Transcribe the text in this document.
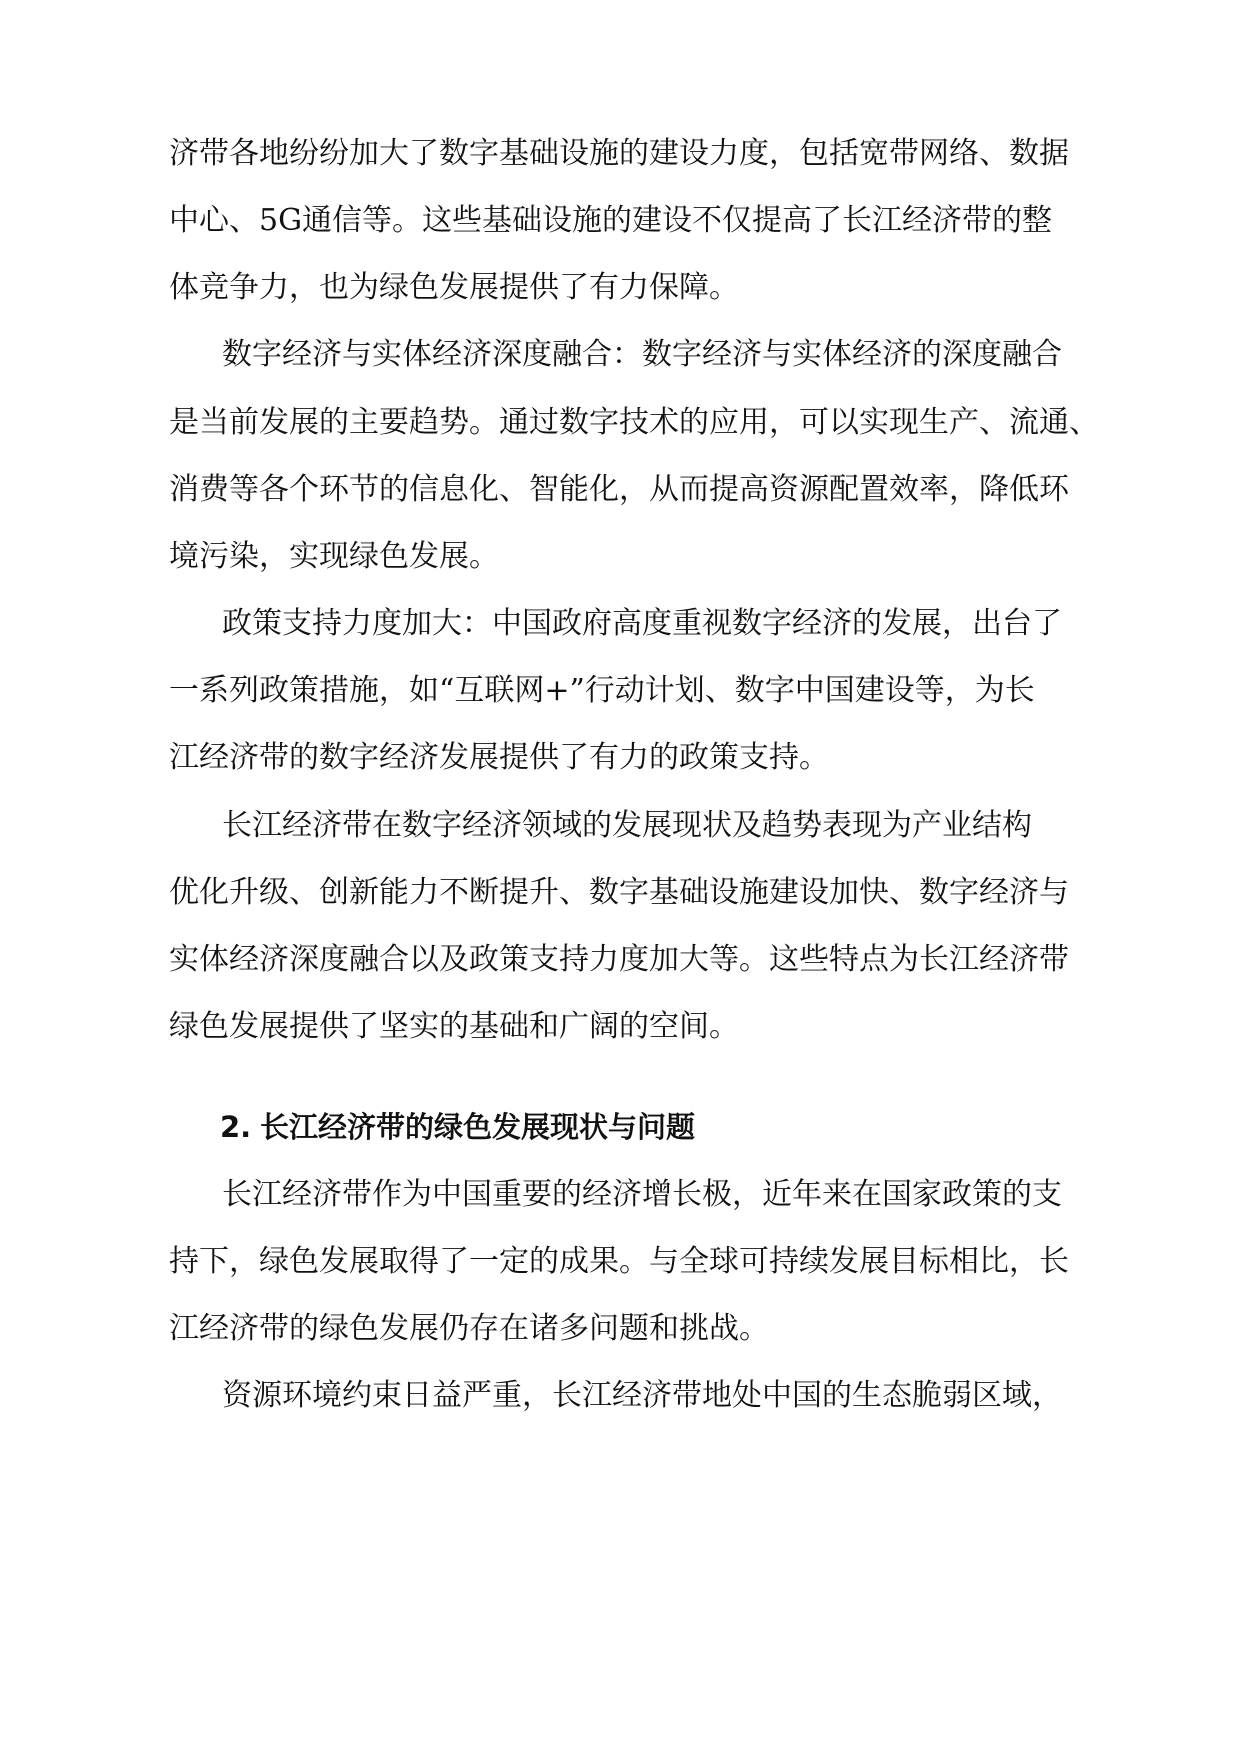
济带各地纷纷加大了数字基础设施的建设力度，包括宽带网络、数据

中心、5G通信等。这些基础设施的建设不仅提高了长江经济带的整

体竞争力，也为绿色发展提供了有力保障。

数字经济与实体经济深度融合：数字经济与实体经济的深度融合

是当前发展的主要趋势。通过数字技术的应用，可以实现生产、流通、

消费等各个环节的信息化、智能化，从而提高资源配置效率，降低环

境污染，实现绿色发展。

政策支持力度加大：中国政府高度重视数字经济的发展，出台了

一系列政策措施，如“互联网+”行动计划、数字中国建设等，为长

江经济带的数字经济发展提供了有力的政策支持。

长江经济带在数字经济领域的发展现状及趋势表现为产业结构

优化升级、创新能力不断提升、数字基础设施建设加快、数字经济与

实体经济深度融合以及政策支持力度加大等。这些特点为长江经济带

绿色发展提供了坚实的基础和广阔的空间。

2.

长江经济带的绿色发展现状与问题

长江经济带作为中国重要的经济增长极，近年来在国家政策的支

持下，绿色发展取得了一定的成果。与全球可持续发展目标相比，长

江经济带的绿色发展仍存在诸多问题和挑战。

资源环境约束日益严重，长江经济带地处中国的生态脆弱区域，
